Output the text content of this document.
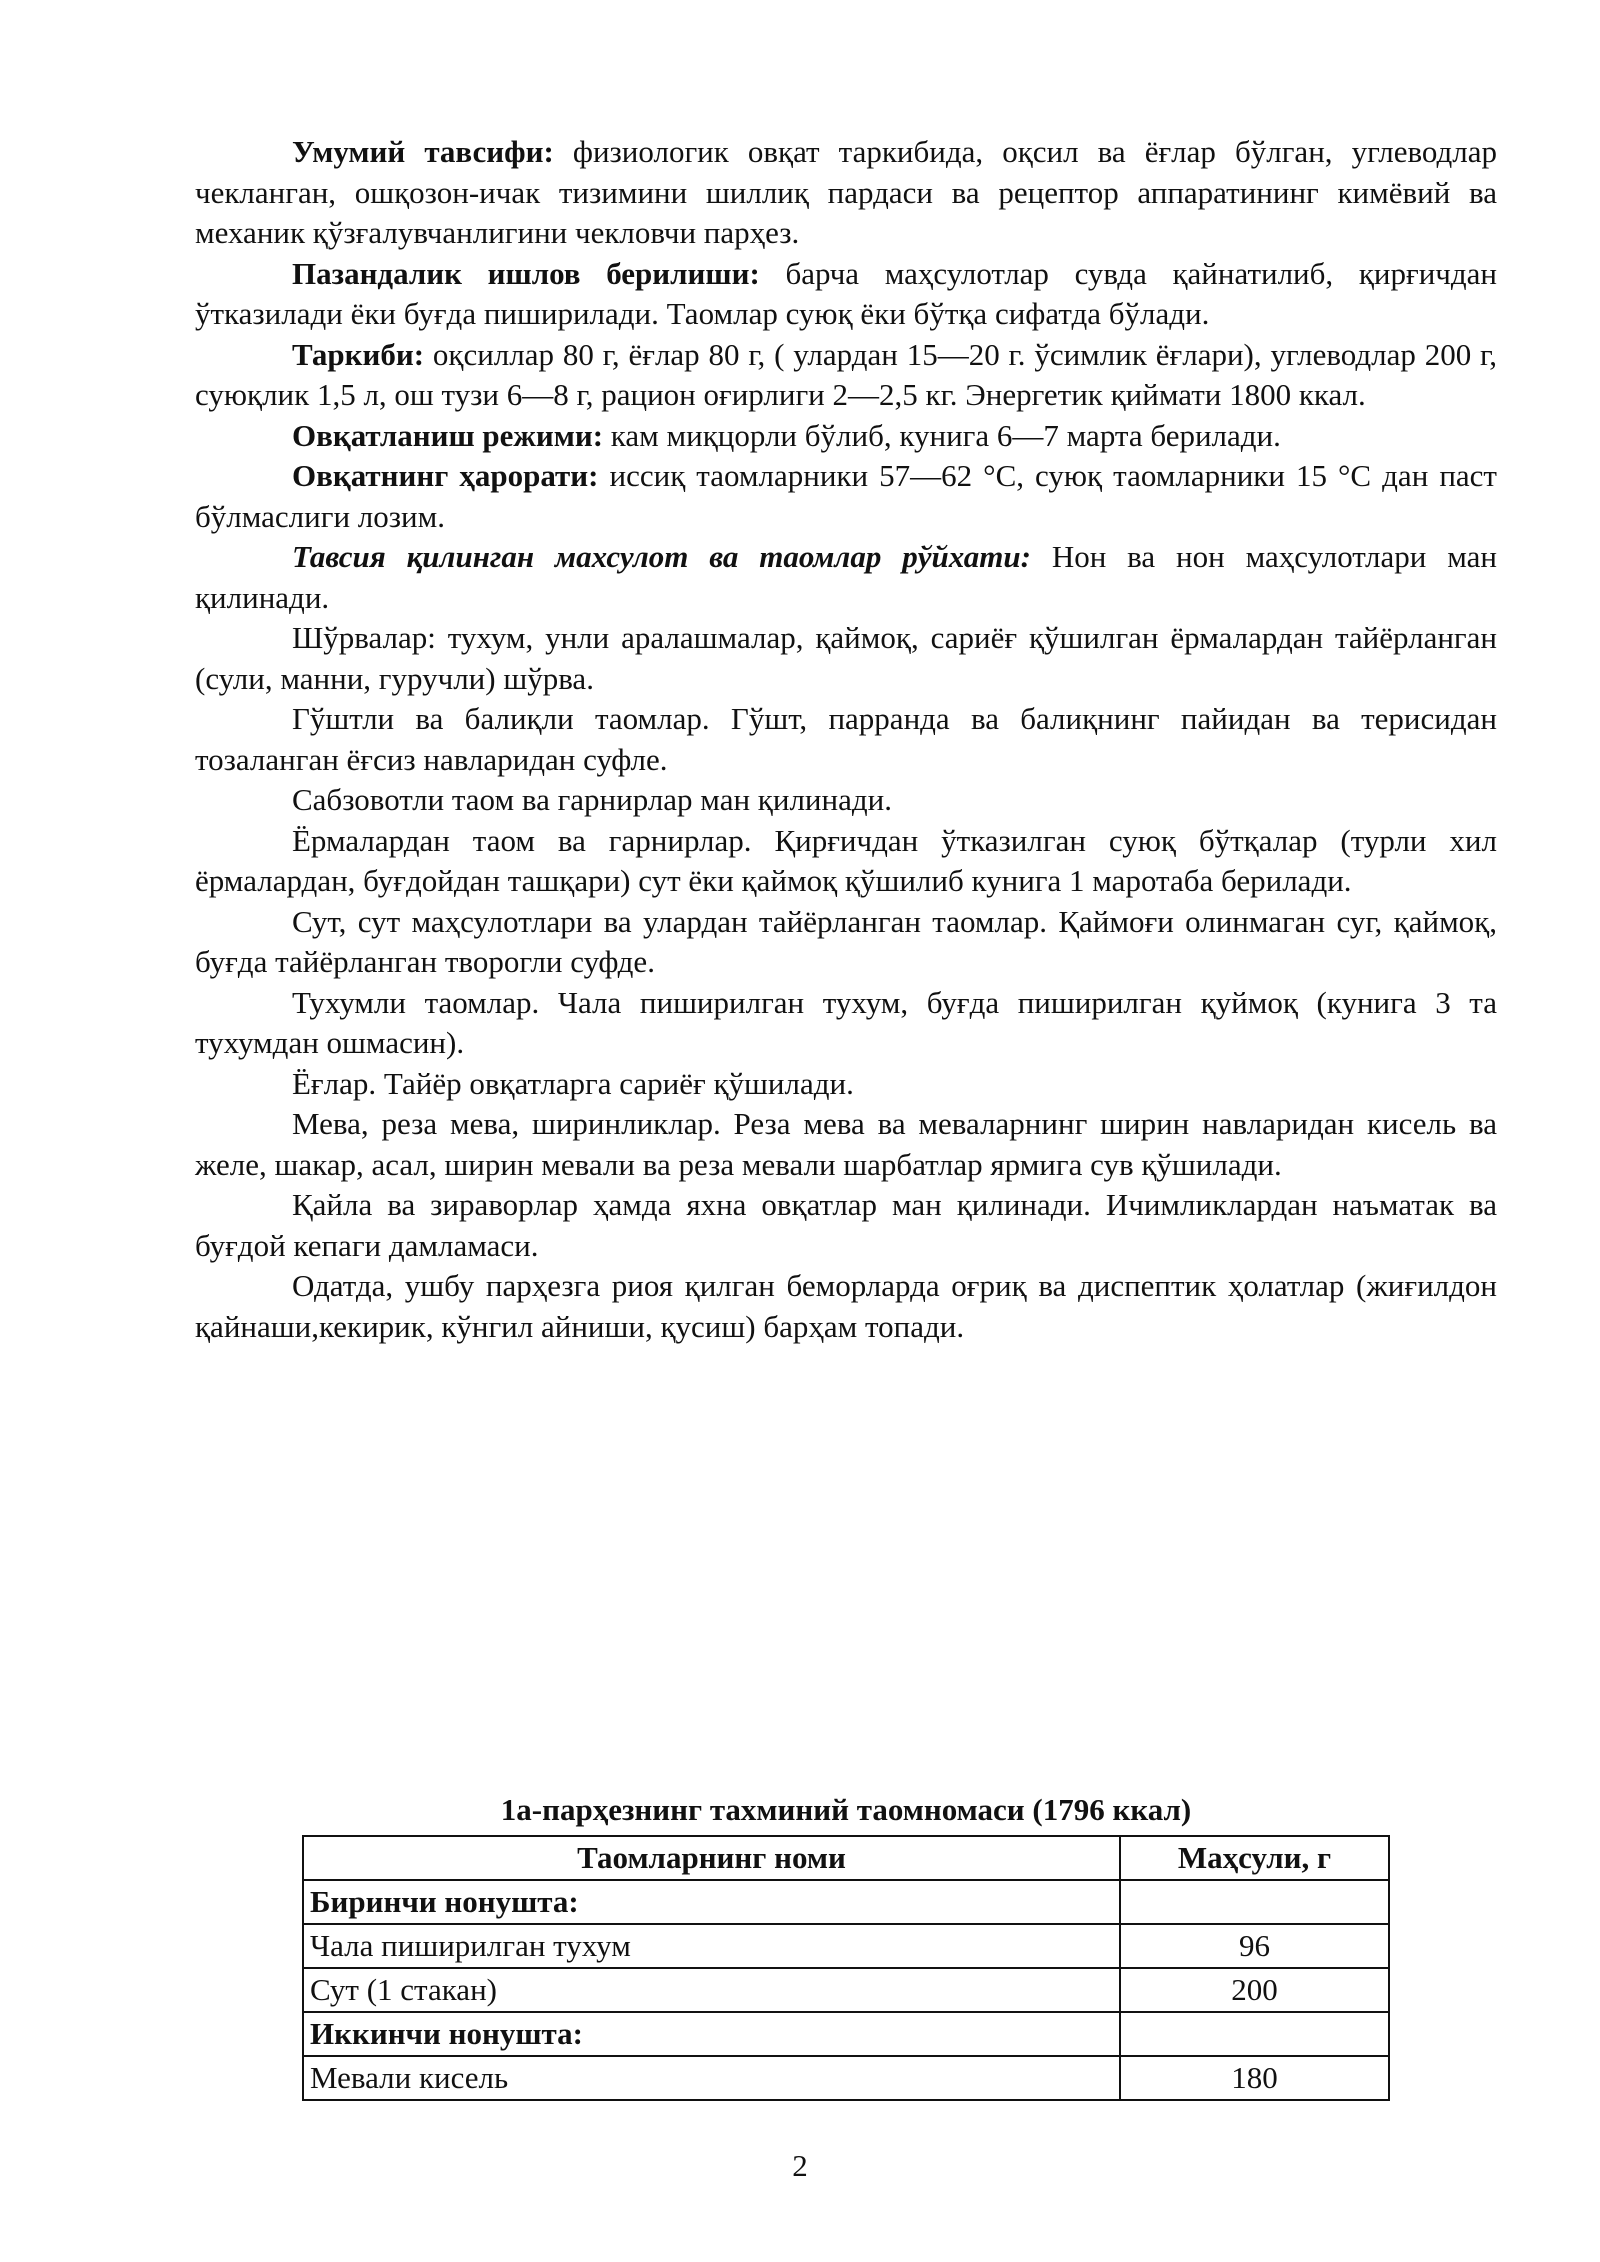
Умумий тавсифи: физиологик овқат таркибида, оқсил ва ёғлар бўлган, углеводлар чекланган, ошқозон-ичак тизимини шиллиқ пардаси ва рецептор аппаратининг кимёвий ва механик қўзғалувчанлигини чекловчи парҳез.

Пазандалик ишлов берилиши: барча маҳсулотлар сувда қайнатилиб, қирғичдан ўтказилади ёки буғда пиширилади. Таомлар суюқ ёки бўтқа сифатда бўлади.

Таркиби: оқсиллар 80 г, ёғлар 80 г, ( улардан 15—20 г. ўсимлик ёғлари), углеводлар 200 г, суюқлик 1,5 л, ош тузи 6—8 г, рацион оғирлиги 2—2,5 кг. Энергетик қиймати 1800 ккал.

Овқатланиш режими: кам миқцорли бўлиб, кунига 6—7 марта берилади.

Овқатнинг ҳарорати: иссиқ таомларники 57—62 °С, суюқ таомларники 15 °С дан паст бўлмаслиги лозим.

Тавсия қилинган махсулот ва таомлар рўйхати: Нон ва нон маҳсулотлари ман қилинади.

Шўрвалар: тухум, унли аралашмалар, қаймоқ, сариёғ қўшилган ёрмалардан тайёрланган (сули, манни, гуручли) шўрва.

Гўштли ва балиқли таомлар. Гўшт, парранда ва балиқнинг пайидан ва терисидан тозаланган ёғсиз навларидан суфле.

Сабзовотли таом ва гарнирлар ман қилинади.

Ёрмалардан таом ва гарнирлар. Қирғичдан ўтказилган суюқ бўтқалар (турли хил ёрмалардан, буғдойдан ташқари) сут ёки қаймоқ қўшилиб кунига 1 маротаба берилади.

Сут, сут маҳсулотлари ва улардан тайёрланган таомлар. Қаймоғи олинмаган суг, қаймоқ, буғда тайёрланган творогли суфде.

Тухумли таомлар. Чала пиширилган тухум, буғда пиширилган қуймоқ (кунига 3 та тухумдан ошмасин).

Ёғлар. Тайёр овқатларга сариёғ қўшилади.

Мева, реза мева, ширинликлар. Реза мева ва меваларнинг ширин навларидан кисель ва желе, шакар, асал, ширин мевали ва реза мевали шарбатлар ярмига сув қўшилади.

Қайла ва зираворлар ҳамда яхна овқатлар ман қилинади. Ичимликлардан наъматак ва буғдой кепаги дамламаси.

Одатда, ушбу парҳезга риоя қилган беморларда оғриқ ва диспептик ҳолатлар (жиғилдон қайнаши,кекирик, кўнгил айниши, қусиш) барҳам топади.

1а-парҳезнинг тахминий таомномаси (1796 ккал)
Таомларнинг номи	Маҳсули, г
Биринчи нонушта:	
Чала пиширилган тухум	96
Сут (1 стакан)	200
Иккинчи нонушта:	
Мевали кисель	180
2
